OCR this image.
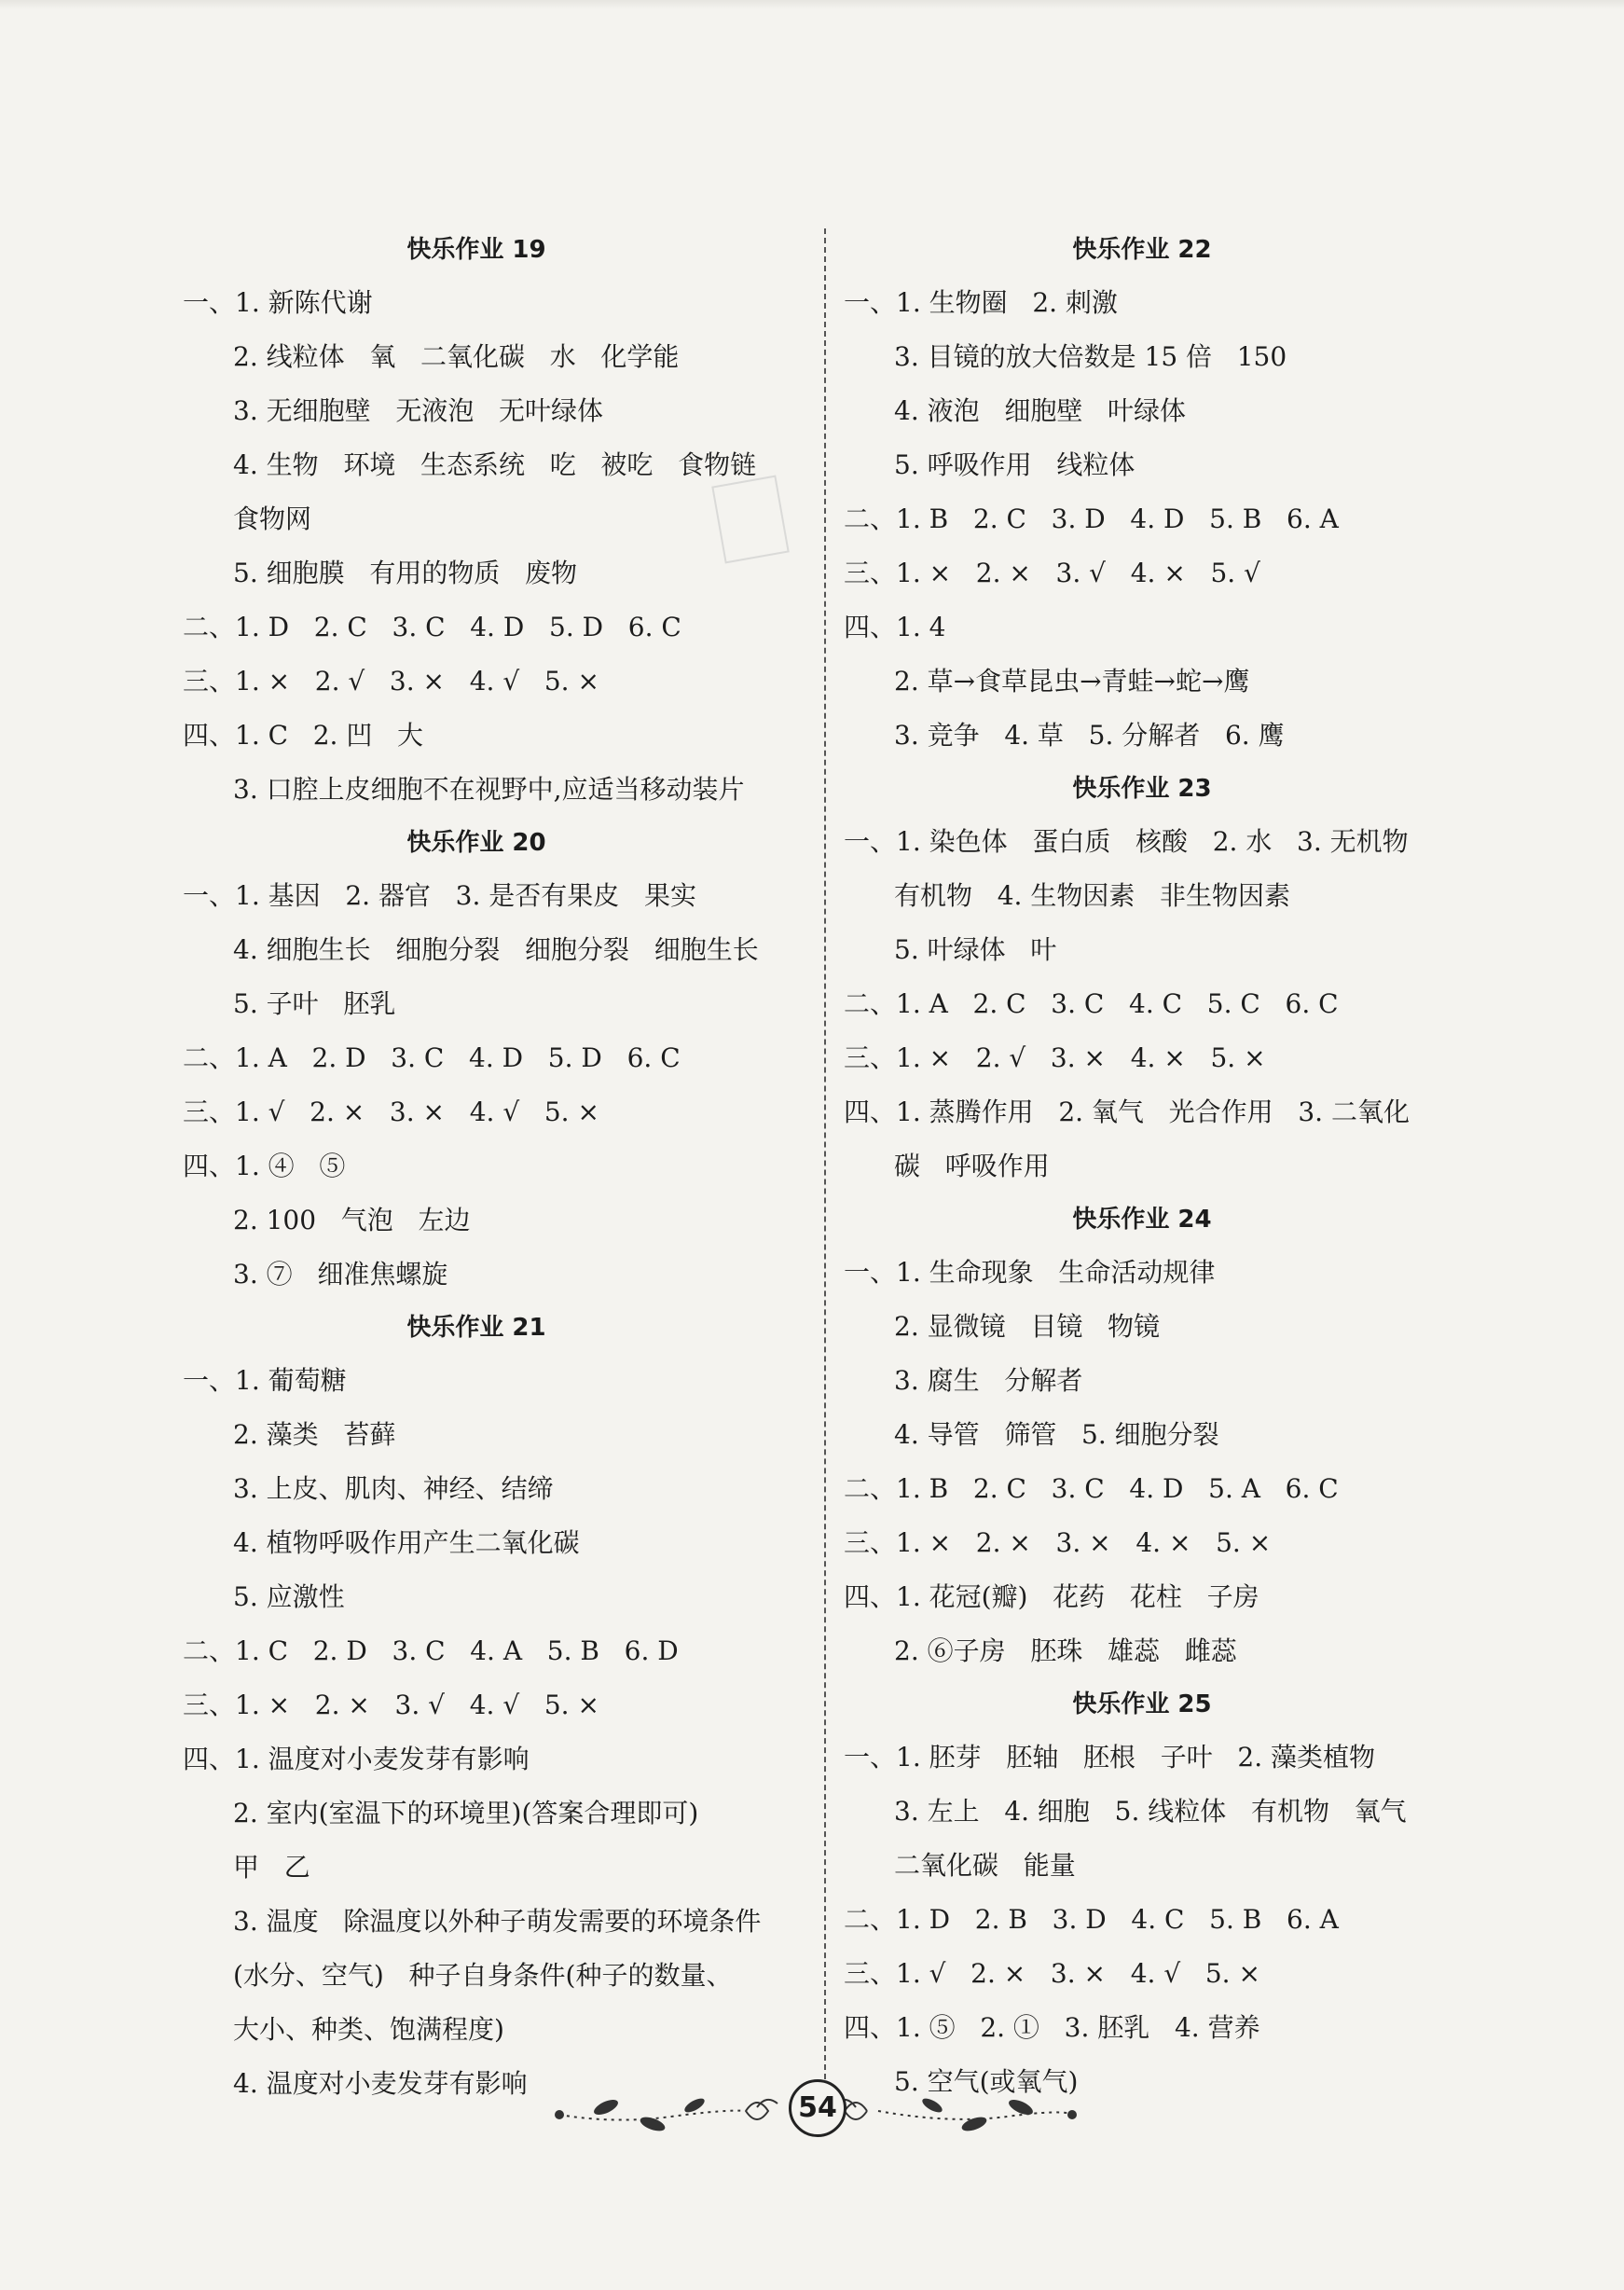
快乐作业 19
一、1. 新陈代谢
2. 线粒体   氧   二氧化碳   水   化学能
3. 无细胞壁   无液泡   无叶绿体
4. 生物   环境   生态系统   吃   被吃   食物链
食物网
5. 细胞膜   有用的物质   废物
二、1. D   2. C   3. C   4. D   5. D   6. C
三、1. ×   2. √   3. ×   4. √   5. ×
四、1. C   2. 凹   大
3. 口腔上皮细胞不在视野中,应适当移动装片
快乐作业 20
一、1. 基因   2. 器官   3. 是否有果皮   果实
4. 细胞生长   细胞分裂   细胞分裂   细胞生长
5. 子叶   胚乳
二、1. A   2. D   3. C   4. D   5. D   6. C
三、1. √   2. ×   3. ×   4. √   5. ×
四、1. ④   ⑤
2. 100   气泡   左边
3. ⑦   细准焦螺旋
快乐作业 21
一、1. 葡萄糖
2. 藻类   苔藓
3. 上皮、肌肉、神经、结缔
4. 植物呼吸作用产生二氧化碳
5. 应激性
二、1. C   2. D   3. C   4. A   5. B   6. D
三、1. ×   2. ×   3. √   4. √   5. ×
四、1. 温度对小麦发芽有影响
2. 室内(室温下的环境里)(答案合理即可)
甲   乙
3. 温度   除温度以外种子萌发需要的环境条件
(水分、空气)   种子自身条件(种子的数量、
大小、种类、饱满程度)
4. 温度对小麦发芽有影响
快乐作业 22
一、1. 生物圈   2. 刺激
3. 目镜的放大倍数是 15 倍   150
4. 液泡   细胞壁   叶绿体
5. 呼吸作用   线粒体
二、1. B   2. C   3. D   4. D   5. B   6. A
三、1. ×   2. ×   3. √   4. ×   5. √
四、1. 4
2. 草→食草昆虫→青蛙→蛇→鹰
3. 竞争   4. 草   5. 分解者   6. 鹰
快乐作业 23
一、1. 染色体   蛋白质   核酸   2. 水   3. 无机物
有机物   4. 生物因素   非生物因素
5. 叶绿体   叶
二、1. A   2. C   3. C   4. C   5. C   6. C
三、1. ×   2. √   3. ×   4. ×   5. ×
四、1. 蒸腾作用   2. 氧气   光合作用   3. 二氧化
碳   呼吸作用
快乐作业 24
一、1. 生命现象   生命活动规律
2. 显微镜   目镜   物镜
3. 腐生   分解者
4. 导管   筛管   5. 细胞分裂
二、1. B   2. C   3. C   4. D   5. A   6. C
三、1. ×   2. ×   3. ×   4. ×   5. ×
四、1. 花冠(瓣)   花药   花柱   子房
2. ⑥子房   胚珠   雄蕊   雌蕊
快乐作业 25
一、1. 胚芽   胚轴   胚根   子叶   2. 藻类植物
3. 左上   4. 细胞   5. 线粒体   有机物   氧气
二氧化碳   能量
二、1. D   2. B   3. D   4. C   5. B   6. A
三、1. √   2. ×   3. ×   4. √   5. ×
四、1. ⑤   2. ①   3. 胚乳   4. 营养
5. 空气(或氧气)
54
